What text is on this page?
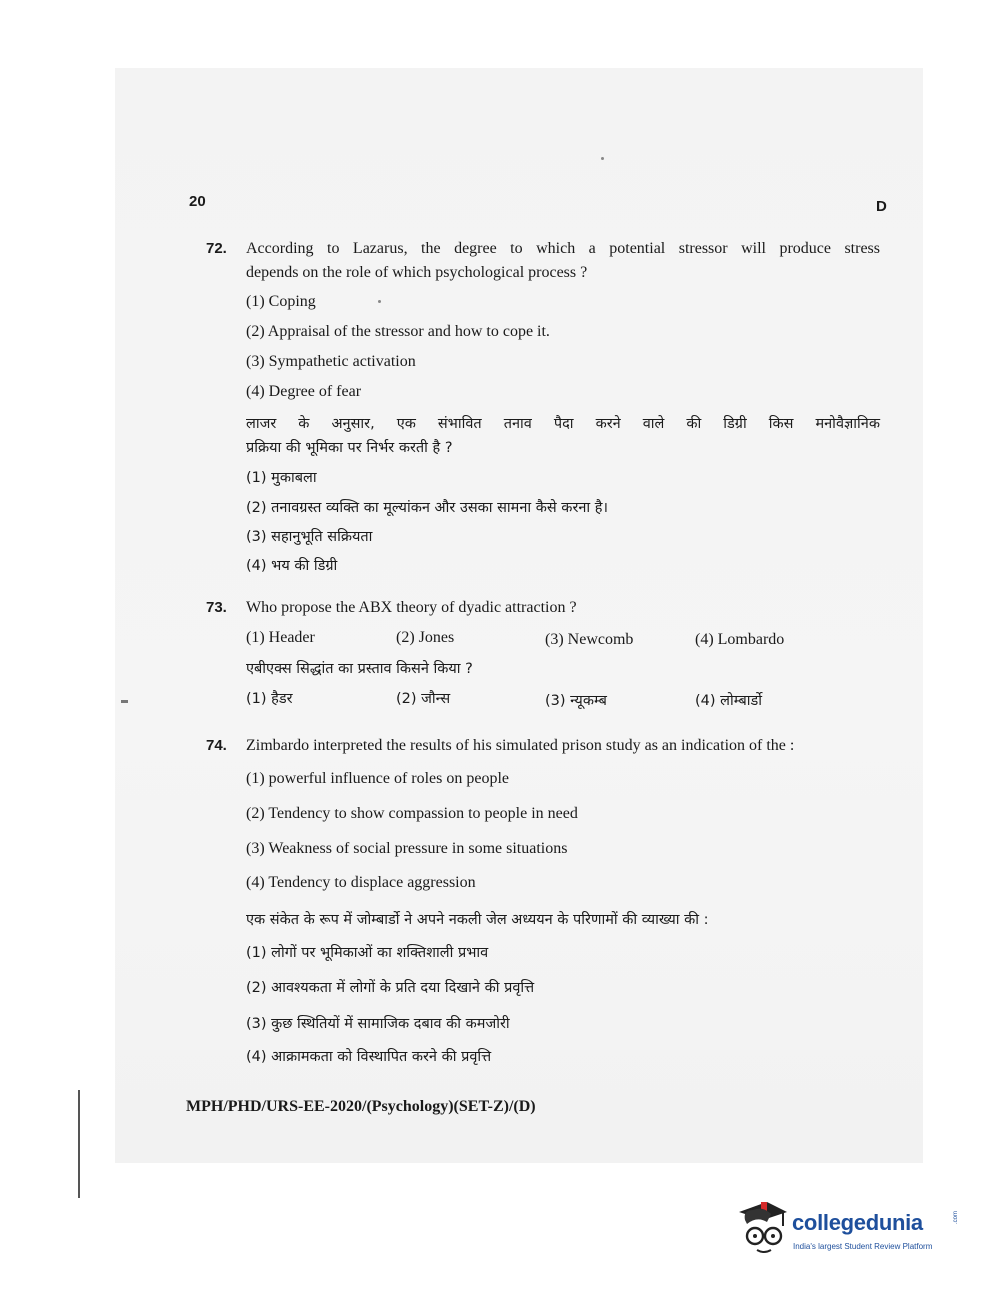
20	D
72. According to Lazarus, the degree to which a potential stressor will produce stress
depends on the role of which psychological process ?
(1) Coping
(2) Appraisal of the stressor and how to cope it.
(3) Sympathetic activation
(4) Degree of fear
लाजर के अनुसार, एक संभावित तनाव पैदा करने वाले की डिग्री किस मनोवैज्ञानिक
प्रक्रिया की भूमिका पर निर्भर करती है ?
(1) मुकाबला
(2) तनावग्रस्त व्यक्ति का मूल्यांकन और उसका सामना कैसे करना है।
(3) सहानुभूति सक्रियता
(4) भय की डिग्री
73. Who propose the ABX theory of dyadic attraction ?
(1) Header	(2) Jones	(3) Newcomb	(4) Lombardo
एबीएक्स सिद्धांत का प्रस्ताव किसने किया ?
(1) हैडर	(2) जौन्स	(3) न्यूकम्ब	(4) लोम्बार्डो
74. Zimbardo interpreted the results of his simulated prison study as an indication of the :
(1) powerful influence of roles on people
(2) Tendency to show compassion to people in need
(3) Weakness of social pressure in some situations
(4) Tendency to displace aggression
एक संकेत के रूप में जोम्बार्डो ने अपने नकली जेल अध्ययन के परिणामों की व्याख्या की :
(1) लोगों पर भूमिकाओं का शक्तिशाली प्रभाव
(2) आवश्यकता में लोगों के प्रति दया दिखाने की प्रवृत्ति
(3) कुछ स्थितियों में सामाजिक दबाव की कमजोरी
(4) आक्रामकता को विस्थापित करने की प्रवृत्ति
MPH/PHD/URS-EE-2020/(Psychology)(SET-Z)/(D)
collegedunia	.com
India's largest Student Review Platform
